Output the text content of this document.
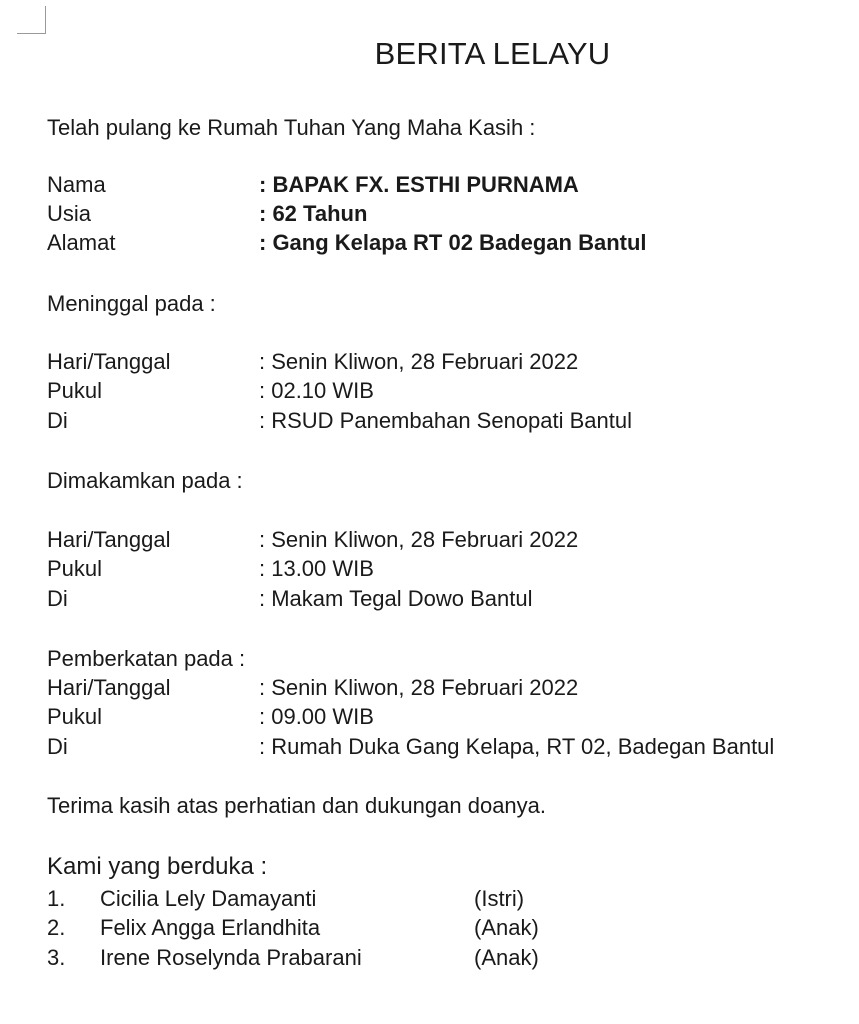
BERITA LELAYU
Telah pulang ke Rumah Tuhan Yang Maha Kasih :
Nama	: BAPAK FX. ESTHI PURNAMA
Usia	: 62 Tahun
Alamat	: Gang Kelapa RT 02 Badegan Bantul
Meninggal pada :
Hari/Tanggal	: Senin Kliwon, 28 Februari 2022
Pukul	: 02.10 WIB
Di	: RSUD Panembahan Senopati Bantul
Dimakamkan pada :
Hari/Tanggal	: Senin Kliwon, 28 Februari 2022
Pukul	: 13.00 WIB
Di	: Makam Tegal Dowo Bantul
Pemberkatan pada :
Hari/Tanggal	: Senin Kliwon, 28 Februari 2022
Pukul	: 09.00 WIB
Di	: Rumah Duka Gang Kelapa, RT 02, Badegan Bantul
Terima kasih atas perhatian dan dukungan doanya.
Kami yang berduka :
1. Cicilia Lely Damayanti	(Istri)
2. Felix Angga Erlandhita	(Anak)
3. Irene Roselynda Prabarani	(Anak)
